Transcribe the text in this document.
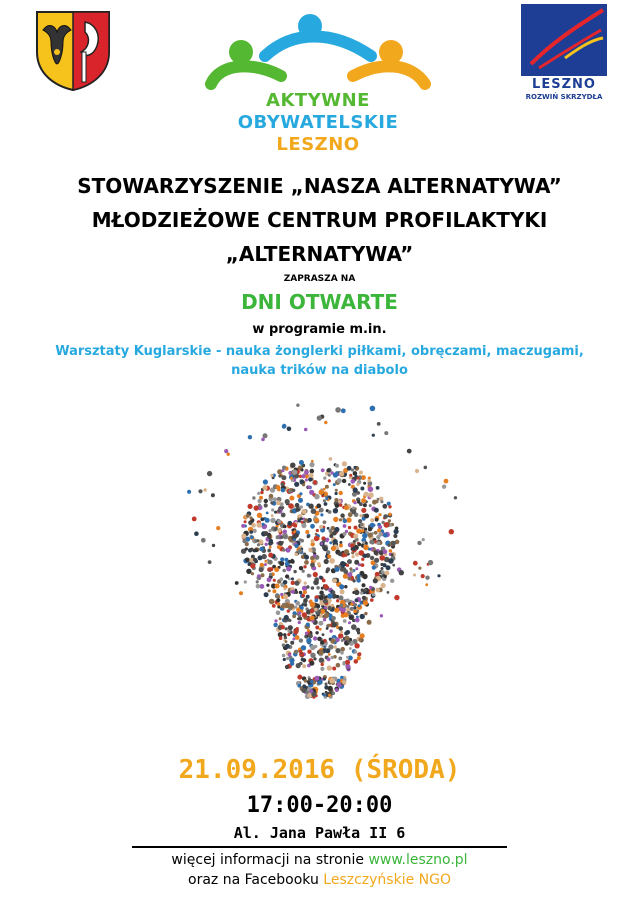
AKTYWNE
OBYWATELSKIE
LESZNO
LESZNO
ROZWIŃ SKRZYDŁA
STOWARZYSZENIE „NASZA ALTERNATYWA”
MŁODZIEŻOWE CENTRUM PROFILAKTYKI
„ALTERNATYWA”
ZAPRASZA NA
DNI OTWARTE
w programie m.in.
Warsztaty Kuglarskie - nauka żonglerki piłkami, obręczami, maczugami,
nauka trików na diabolo
21.09.2016 (ŚRODA)
17:00-20:00
Al. Jana Pawła II 6
więcej informacji na stronie www.leszno.pl
oraz na Facebooku Leszczyńskie NGO
